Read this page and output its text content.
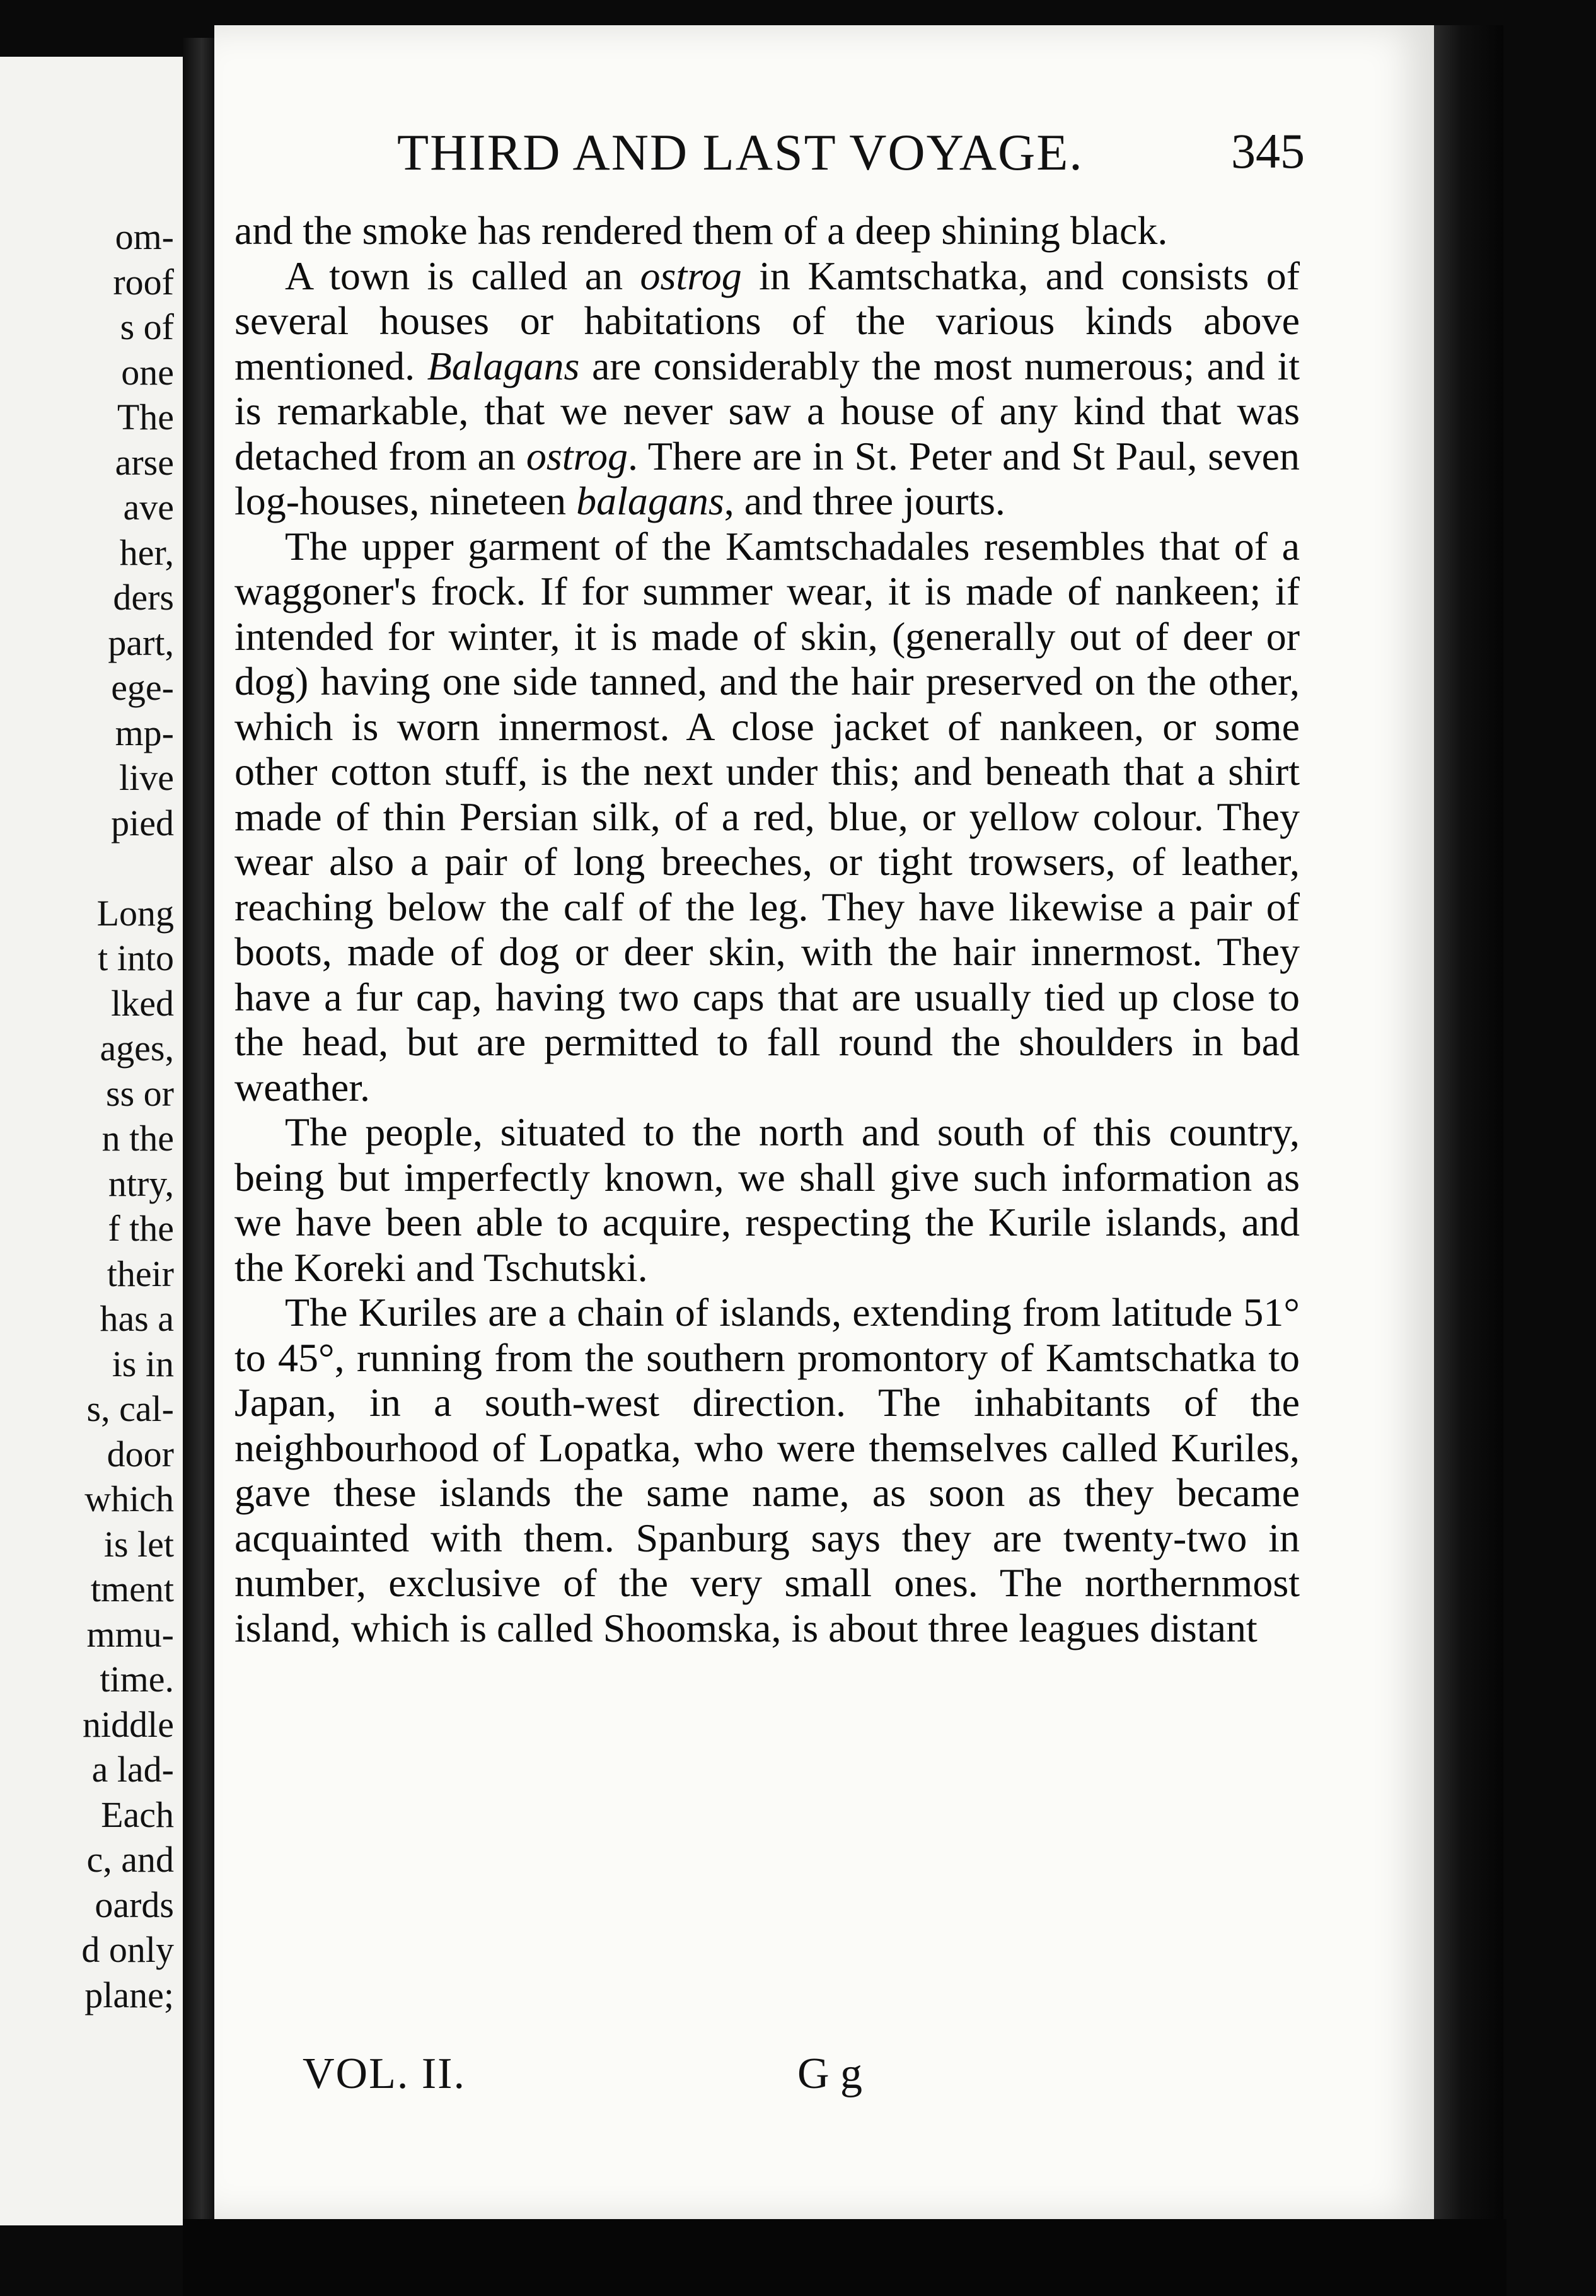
om-
roof
s of
one
The
arse
ave
her,
ders
part,
ege-
mp-
live
pied
Long
t into
lked
ages,
ss or
n the
ntry,
f the
their
has a
is in
s, cal-
door
which
is let
tment
mmu-
time.
niddle
a lad-
Each
c, and
oards
d only
plane;
THIRD AND LAST VOYAGE.	345

and the smoke has rendered them of a deep shining black.

A town is called an ostrog in Kamtschatka, and consists of several houses or habitations of the various kinds above mentioned. Balagans are considerably the most numerous; and it is remarkable, that we never saw a house of any kind that was detached from an ostrog. There are in St. Peter and St Paul, seven log-houses, nineteen balagans, and three jourts.

The upper garment of the Kamtschadales resembles that of a waggoner's frock. If for summer wear, it is made of nankeen; if intended for winter, it is made of skin, (generally out of deer or dog) having one side tanned, and the hair preserved on the other, which is worn innermost. A close jacket of nankeen, or some other cotton stuff, is the next under this; and beneath that a shirt made of thin Persian silk, of a red, blue, or yellow colour. They wear also a pair of long breeches, or tight trowsers, of leather, reaching below the calf of the leg. They have likewise a pair of boots, made of dog or deer skin, with the hair innermost. They have a fur cap, having two caps that are usually tied up close to the head, but are permitted to fall round the shoulders in bad weather.

The people, situated to the north and south of this country, being but imperfectly known, we shall give such information as we have been able to acquire, respecting the Kurile islands, and the Koreki and Tschutski.

The Kuriles are a chain of islands, extending from latitude 51° to 45°, running from the southern promontory of Kamtschatka to Japan, in a south-west direction. The inhabitants of the neighbourhood of Lopatka, who were themselves called Kuriles, gave these islands the same name, as soon as they became acquainted with them. Spanburg says they are twenty-two in number, exclusive of the very small ones. The northernmost island, which is called Shoomska, is about three leagues distant

VOL. II.	G g
